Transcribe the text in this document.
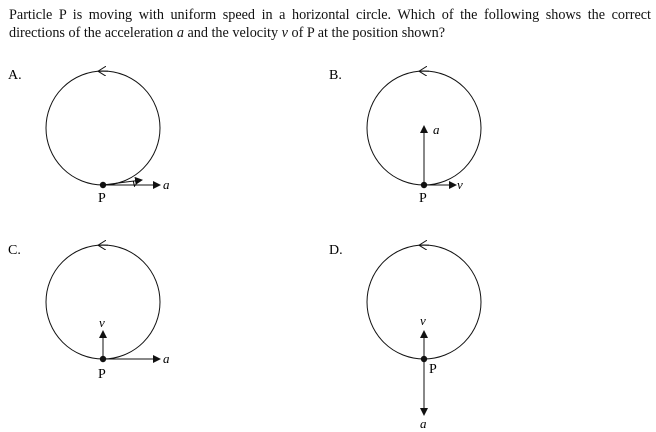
Particle P is moving with uniform speed in a horizontal circle. Which of the following shows the correct directions of the acceleration a and the velocity v of P at the position shown?

A.
P
v a
B.
P
a
v
C.
P
v
a
D.
P
v
a
